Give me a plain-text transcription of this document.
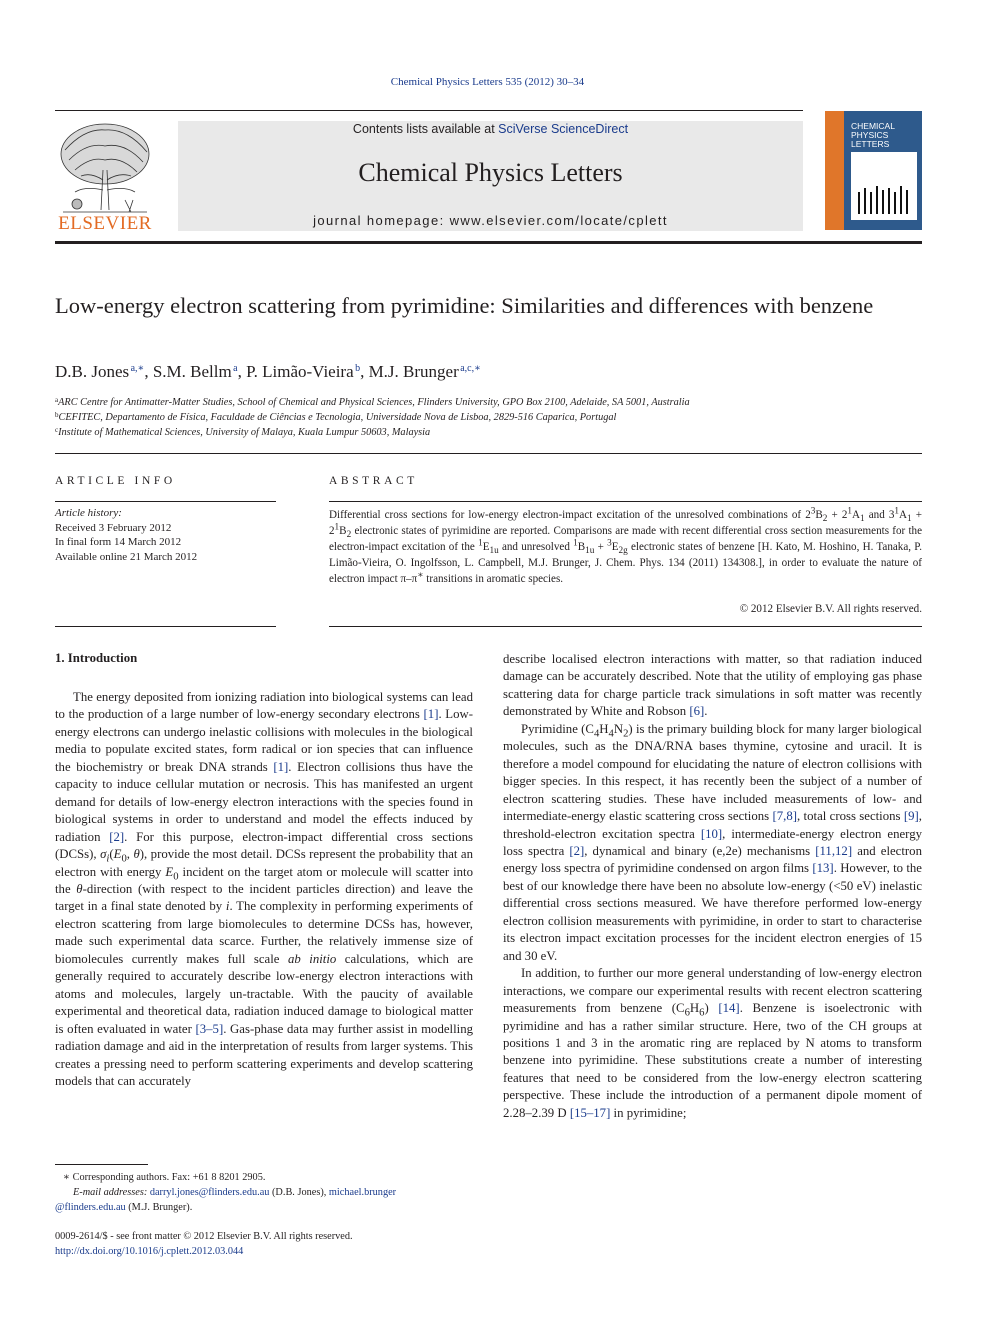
Chemical Physics Letters 535 (2012) 30–34
ELSEVIER
Contents lists available at SciVerse ScienceDirect
Chemical Physics Letters
journal homepage: www.elsevier.com/locate/cplett
CHEMICAL
PHYSICS
LETTERS
Low-energy electron scattering from pyrimidine: Similarities and differences with benzene
D.B. Jones $^{a,∗}$, S.M. Bellm $^a$, P. Limão-Vieira $^b$, M.J. Brunger $^{a,c,∗}$
$^a$ARC Centre for Antimatter-Matter Studies, School of Chemical and Physical Sciences, Flinders University, GPO Box 2100, Adelaide, SA 5001, Australia
$^b$CEFITEC, Departamento de Física, Faculdade de Ciências e Tecnologia, Universidade Nova de Lisboa, 2829-516 Caparica, Portugal
$^c$Institute of Mathematical Sciences, University of Malaya, Kuala Lumpur 50603, Malaysia
ARTICLE INFO	ABSTRACT
Article history:
Received 3 February 2012
In final form 14 March 2012
Available online 21 March 2012
Differential cross sections for low-energy electron-impact excitation of the unresolved combinations of $2^3B_2 + 2^1A_1$ and $3^1A_1 + 2^1B_2$ electronic states of pyrimidine are reported. Comparisons are made with recent differential cross section measurements for the electron-impact excitation of the $^1E_{1u}$ and unresolved $^1B_{1u} + ^3E_{2g}$ electronic states of benzene [H. Kato, M. Hoshino, H. Tanaka, P. Limão-Vieira, O. Ingolfsson, L. Campbell, M.J. Brunger, J. Chem. Phys. 134 (2011) 134308.], in order to evaluate the nature of electron impact π–π∗ transitions in aromatic species.
© 2012 Elsevier B.V. All rights reserved.
1. Introduction

The energy deposited from ionizing radiation into biological systems can lead to the production of a large number of low-energy secondary electrons [1]. Low-energy electrons can undergo inelastic collisions with molecules in the biological media to populate excited states, form radical or ion species that can influence the biochemistry or break DNA strands [1]. Electron collisions thus have the capacity to induce cellular mutation or necrosis. This has manifested an urgent demand for details of low-energy electron interactions with the species found in biological systems in order to understand and model the effects induced by radiation [2]. For this purpose, electron-impact differential cross sections (DCSs), $\sigma_i(E_0$, θ), provide the most detail. DCSs represent the probability that an electron with energy $E_0$ incident on the target atom or molecule will scatter into the θ-direction (with respect to the incident particles direction) and leave the target in a final state denoted by i. The complexity in performing experiments of electron scattering from large biomolecules to determine DCSs has, however, made such experimental data scarce. Further, the relatively immense size of biomolecules currently makes full scale ab initio calculations, which are generally required to accurately describe low-energy electron interactions with atoms and molecules, largely un-tractable. With the paucity of available experimental and theoretical data, radiation induced damage to biological matter is often evaluated in water [3–5]. Gas-phase data may further assist in modelling radiation damage and aid in the interpretation of results from larger systems. This creates a pressing need to perform scattering experiments and develop scattering models that can accurately

describe localised electron interactions with matter, so that radiation induced damage can be accurately described. Note that the utility of employing gas phase scattering data for charge particle track simulations in soft matter was recently demonstrated by White and Robson [6].

Pyrimidine $(C_4H_4N_2)$ is the primary building block for many larger biological molecules, such as the DNA/RNA bases thymine, cytosine and uracil. It is therefore a model compound for elucidating the nature of electron collisions with bigger species. In this respect, it has recently been the subject of a number of electron scattering studies. These have included measurements of low- and intermediate-energy elastic scattering cross sections [7,8], total cross sections [9], threshold-electron excitation spectra [10], intermediate-energy electron energy loss spectra [2], dynamical and binary (e,2e) mechanisms [11,12] and electron energy loss spectra of pyrimidine condensed on argon films [13]. However, to the best of our knowledge there have been no absolute low-energy (<50 eV) inelastic differential cross sections measured. We have therefore performed low-energy electron collision measurements with pyrimidine, in order to start to characterise its electron impact excitation processes for the incident electron energies of 15 and 30 eV.

In addition, to further our more general understanding of low-energy electron interactions, we compare our experimental results with recent electron scattering measurements from benzene $(C_6H_6)$ [14]. Benzene is isoelectronic with pyrimidine and has a rather similar structure. Here, two of the CH groups at positions 1 and 3 in the aromatic ring are replaced by N atoms to transform benzene into pyrimidine. These substitutions create a number of interesting features that need to be considered from the low-energy electron scattering perspective. These include the introduction of a permanent dipole moment of 2.28–2.39 D [15–17] in pyrimidine;

∗ Corresponding authors. Fax: +61 8 8201 2905.
E-mail addresses: darryl.jones@flinders.edu.au (D.B. Jones), michael.brunger
@flinders.edu.au (M.J. Brunger).
0009-2614/$ - see front matter © 2012 Elsevier B.V. All rights reserved.
http://dx.doi.org/10.1016/j.cplett.2012.03.044
